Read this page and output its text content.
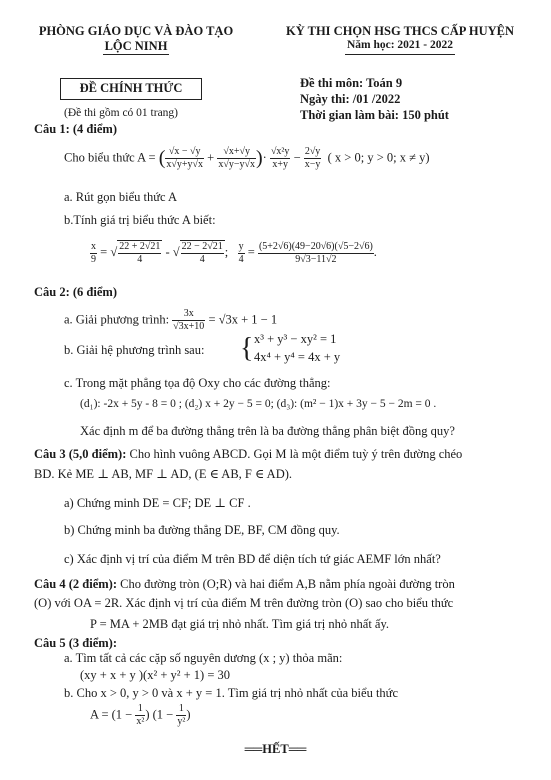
PHÒNG GIÁO DỤC VÀ ĐÀO TẠO
LỘC NINH
KỲ THI CHỌN HSG THCS CẤP HUYỆN
Năm học: 2021 - 2022
ĐỀ CHÍNH THỨC
(Đề thi gồm có 01 trang)
Đề thi môn: Toán 9
Ngày thi: /01 /2022
Thời gian làm bài: 150 phút
Câu 1: (4 điểm)
Cho biểu thức A = ( $\frac{√x - √y}{x√y+y√x} + \frac{√x+√y}{x√y-y√x}$ )· $\frac{\text{√x²y}}{x+y} - \frac{2√y}{x-y}$ ( x > 0; y > 0; x ≠ y)
a. Rút gọn biểu thức A
b.Tính giá trị biểu thức A biết:
$\frac{x}{9}$ = √ $\frac{22 + 2√21}{4}$ - √ $\frac{22 - 2√21}{4}$ ; $\frac{y}{4} = \frac{(5+2√6)(49-20√6)(√5-2√6)}{9√3-11√2}$ .
Câu 2: (6 điểm)
a. Giải phương trình: $\frac{3x}{√3x+10} = √3x + 1 - 1$
b. Giải hệ phương trình sau: { x³ + y³ − xy² = 1
4x⁴ + y⁴ = 4x + y
c. Trong mặt phẳng tọa độ Oxy cho các đường thẳng:
(d₁): -2x + 5y - 8 = 0 ; (d₂) x + 2y − 5 = 0; (d₃): (m² − 1)x + 3y − 5 − 2m = 0 .
Xác định m để ba đường thẳng trên là ba đường thẳng phân biệt đồng quy?
Câu 3 (5,0 điểm): Cho hình vuông ABCD. Gọi M là một điểm tuỳ ý trên đường chéo
BD. Kẻ ME ⊥ AB, MF ⊥ AD, (E ∈ AB, F ∈ AD).
a) Chứng minh DE = CF; DE ⊥ CF .
b) Chứng minh ba đường thẳng DE, BF, CM đồng quy.
c) Xác định vị trí của điểm M trên BD để diện tích tứ giác AEMF lớn nhất?
Câu 4 (2 điểm): Cho đường tròn (O;R) và hai điểm A,B nằm phía ngoài đường tròn
(O) với OA = 2R. Xác định vị trí của điểm M trên đường tròn (O) sao cho biểu thức
P = MA + 2MB đạt giá trị nhỏ nhất. Tìm giá trị nhỏ nhất ấy.
Câu 5 (3 điểm):
a. Tìm tất cả các cặp số nguyên dương (x ; y) thỏa mãn:
(xy + x + y )(x² + y² + 1) = 30
b. Cho x > 0, y > 0 và x + y = 1. Tìm giá trị nhỏ nhất của biểu thức
$A = (1 - \frac{1}{\text{x²}}$ ) ($1 - \frac{1}{\text{y²}}$ )
══HẾT══
